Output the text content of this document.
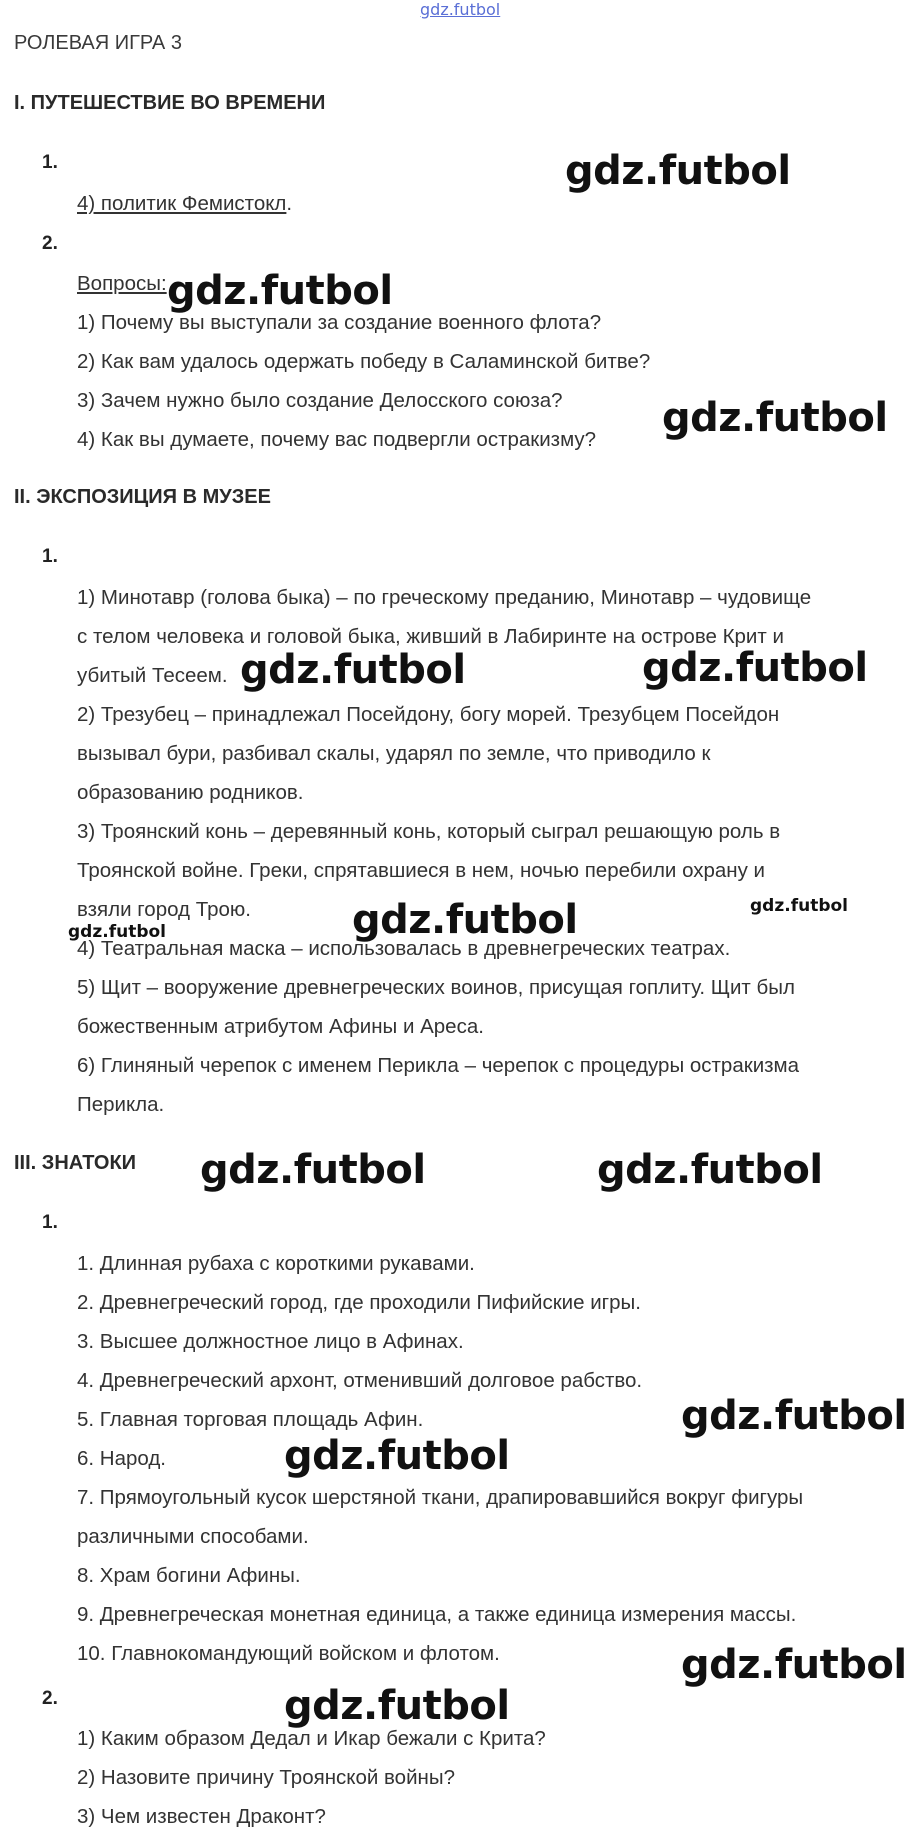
gdz.futbol
РОЛЕВАЯ ИГРА 3
I. ПУТЕШЕСТВИЕ ВО ВРЕМЕНИ
1.
4) политик Фемистокл.
2.
Вопросы:
1) Почему вы выступали за создание военного флота?
2) Как вам удалось одержать победу в Саламинской битве?
3) Зачем нужно было создание Делосского союза?
4) Как вы думаете, почему вас подвергли остракизму?
II. ЭКСПОЗИЦИЯ В МУЗЕЕ
1.
1) Минотавр (голова быка) – по греческому преданию, Минотавр – чудовище
с телом человека и головой быка, живший в Лабиринте на острове Крит и
убитый Тесеем.
2) Трезубец – принадлежал Посейдону, богу морей. Трезубцем Посейдон
вызывал бури, разбивал скалы, ударял по земле, что приводило к
образованию родников.
3) Троянский конь – деревянный конь, который сыграл решающую роль в
Троянской войне. Греки, спрятавшиеся в нем, ночью перебили охрану и
взяли город Трою.
4) Театральная маска – использовалась в древнегреческих театрах.
5) Щит – вооружение древнегреческих воинов, присущая гоплиту. Щит был
божественным атрибутом Афины и Ареса.
6) Глиняный черепок с именем Перикла – черепок с процедуры остракизма
Перикла.
III. ЗНАТОКИ
1.
1. Длинная рубаха с короткими рукавами.
2. Древнегреческий город, где проходили Пифийские игры.
3. Высшее должностное лицо в Афинах.
4. Древнегреческий архонт, отменивший долговое рабство.
5. Главная торговая площадь Афин.
6. Народ.
7. Прямоугольный кусок шерстяной ткани, драпировавшийся вокруг фигуры
различными способами.
8. Храм богини Афины.
9. Древнегреческая монетная единица, а также единица измерения массы.
10. Главнокомандующий войском и флотом.
2.
1) Каким образом Дедал и Икар бежали с Крита?
2) Назовите причину Троянской войны?
3) Чем известен Драконт?
gdz.futbol
gdz.futbol
gdz.futbol
gdz.futbol	gdz.futbol
gdz.futbol	gdz.futbol
gdz.futbol
gdz.futbol	gdz.futbol
gdz.futbol
gdz.futbol
gdz.futbol
gdz.futbol
